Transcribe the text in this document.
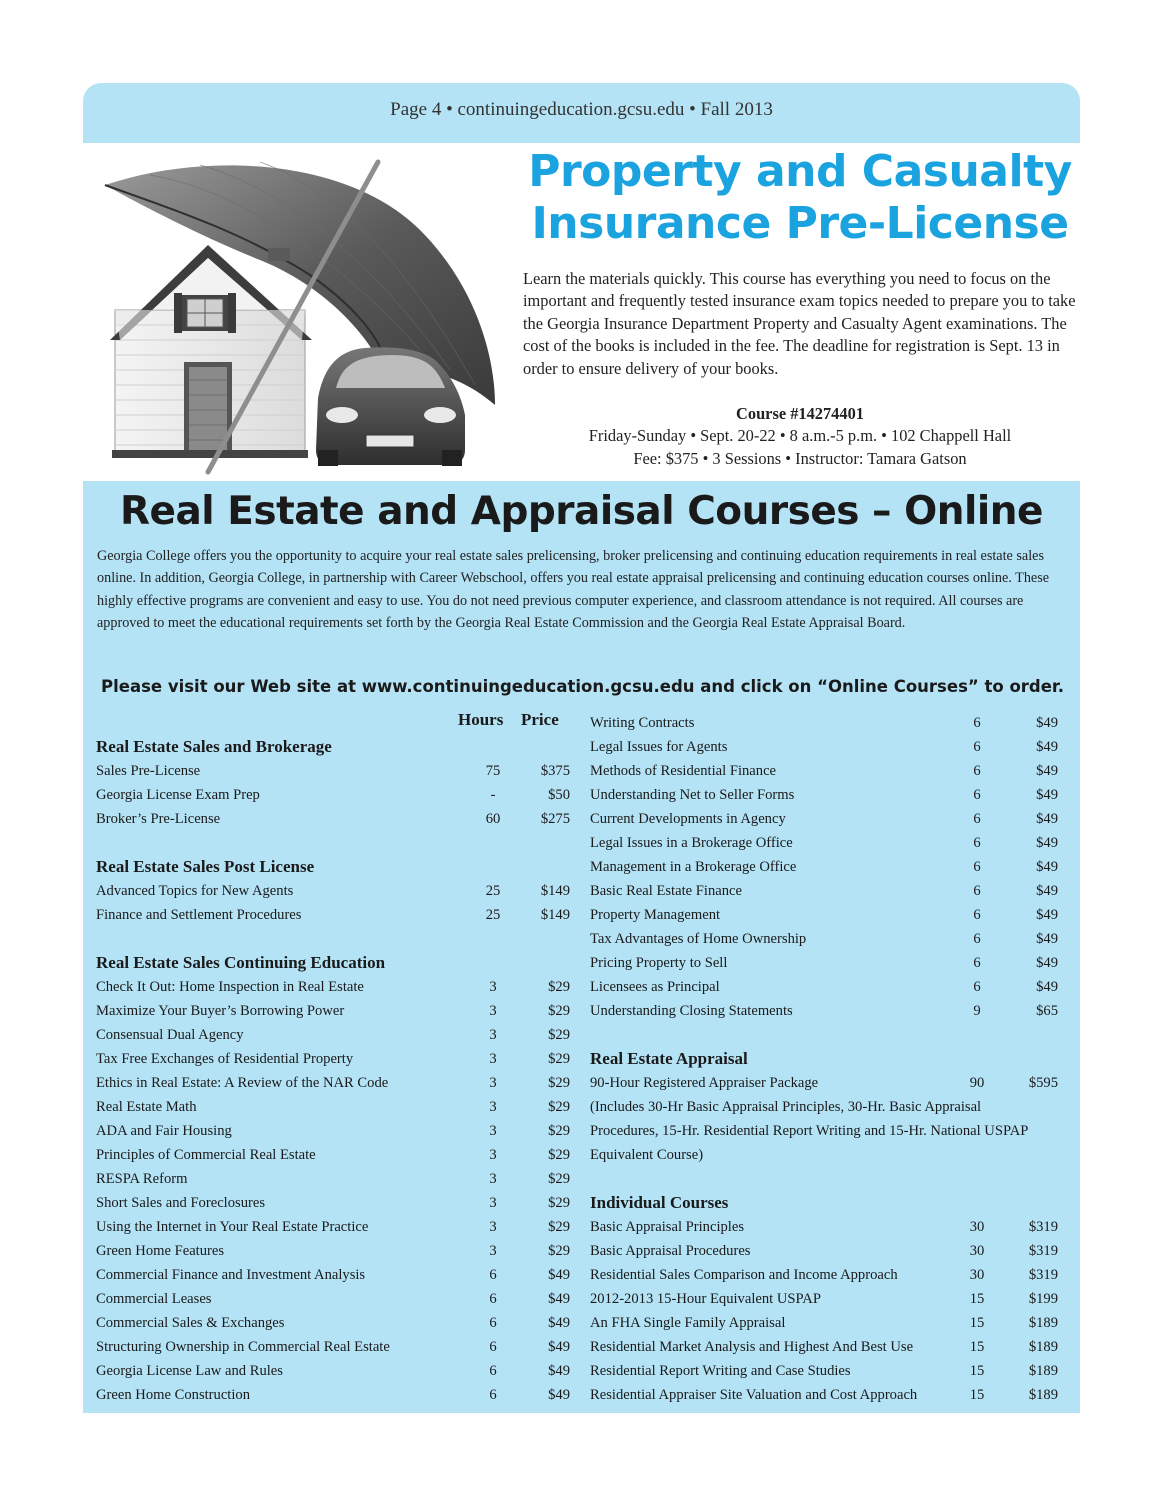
Page 4 • continuingeducation.gcsu.edu • Fall 2013
Property and Casualty
Insurance Pre-License
Learn the materials quickly. This course has everything you need to focus on the important and frequently tested insurance exam topics needed to prepare you to take the Georgia Insurance Department Property and Casualty Agent examinations. The cost of the books is included in the fee. The deadline for registration is Sept. 13 in order to ensure delivery of your books.
Course #14274401
Friday-Sunday • Sept. 20-22 • 8 a.m.-5 p.m. • 102 Chappell Hall
Fee: $375 • 3 Sessions • Instructor: Tamara Gatson
Real Estate and Appraisal Courses – Online
Georgia College offers you the opportunity to acquire your real estate sales prelicensing, broker prelicensing and continuing education requirements in real estate sales online. In addition, Georgia College, in partnership with Career Webschool, offers you real estate appraisal prelicensing and continuing education courses online. These highly effective programs are convenient and easy to use. You do not need previous computer experience, and classroom attendance is not required. All courses are approved to meet the educational requirements set forth by the Georgia Real Estate Commission and the Georgia Real Estate Appraisal Board.
Please visit our Web site at www.continuingeducation.gcsu.edu and click on “Online Courses” to order.
Hours Price
Real Estate Sales and Brokerage
Sales Pre-License	75	$375
Georgia License Exam Prep	-	$50
Broker’s Pre-License	60	$275
Real Estate Sales Post License
Advanced Topics for New Agents	25	$149
Finance and Settlement Procedures	25	$149
Real Estate Sales Continuing Education
Check It Out: Home Inspection in Real Estate	3	$29
Maximize Your Buyer’s Borrowing Power	3	$29
Consensual Dual Agency	3	$29
Tax Free Exchanges of Residential Property	3	$29
Ethics in Real Estate: A Review of the NAR Code	3	$29
Real Estate Math	3	$29
ADA and Fair Housing	3	$29
Principles of Commercial Real Estate	3	$29
RESPA Reform	3	$29
Short Sales and Foreclosures	3	$29
Using the Internet in Your Real Estate Practice	3	$29
Green Home Features	3	$29
Commercial Finance and Investment Analysis	6	$49
Commercial Leases	6	$49
Commercial Sales & Exchanges	6	$49
Structuring Ownership in Commercial Real Estate	6	$49
Georgia License Law and Rules	6	$49
Green Home Construction	6	$49
Writing Contracts	6	$49
Legal Issues for Agents	6	$49
Methods of Residential Finance	6	$49
Understanding Net to Seller Forms	6	$49
Current Developments in Agency	6	$49
Legal Issues in a Brokerage Office	6	$49
Management in a Brokerage Office	6	$49
Basic Real Estate Finance	6	$49
Property Management	6	$49
Tax Advantages of Home Ownership	6	$49
Pricing Property to Sell	6	$49
Licensees as Principal	6	$49
Understanding Closing Statements	9	$65
Real Estate Appraisal
90-Hour Registered Appraiser Package	90	$595
(Includes 30-Hr Basic Appraisal Principles, 30-Hr. Basic Appraisal
Procedures, 15-Hr. Residential Report Writing and 15-Hr. National USPAP
Equivalent Course)
Individual Courses
Basic Appraisal Principles	30	$319
Basic Appraisal Procedures	30	$319
Residential Sales Comparison and Income Approach	30	$319
2012-2013 15-Hour Equivalent USPAP	15	$199
An FHA Single Family Appraisal	15	$189
Residential Market Analysis and Highest And Best Use	15	$189
Residential Report Writing and Case Studies	15	$189
Residential Appraiser Site Valuation and Cost Approach	15	$189
